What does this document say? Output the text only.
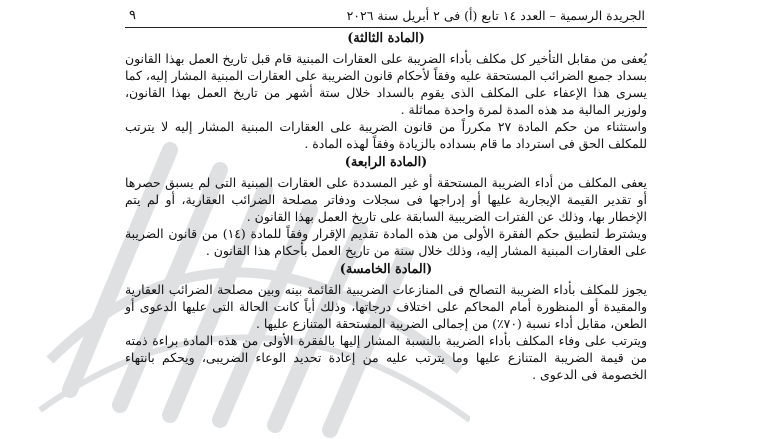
الجريدة الرسمية – العدد ١٤ تابع (أ) فى ٢ أبريل سنة ٢٠٢٦
٩
(المادة الثالثة)

يُعفى من مقابل التأخير كل مكلف بأداء الضريبة على العقارات المبنية قام قبل تاريخ العمل بهذا القانون بسداد جميع الضرائب المستحقة عليه وفقاً لأحكام قانون الضريبة على العقارات المبنية المشار إليه، كما يسرى هذا الإعفاء على المكلف الذى يقوم بالسداد خلال ستة أشهر من تاريخ العمل بهذا القانون، ولوزير المالية مد هذه المدة لمرة واحدة مماثلة .

واستثناء من حكم المادة ٢٧ مكرراً من قانون الضريبة على العقارات المبنية المشار إليه لا يترتب للمكلف الحق فى استرداد ما قام بسداده بالزيادة وفقاً لهذه المادة .

(المادة الرابعة)

يعفى المكلف من أداء الضريبة المستحقة أو غير المسددة على العقارات المبنية التى لم يسبق حصرها أو تقدير القيمة الإيجارية عليها أو إدراجها فى سجلات ودفاتر مصلحة الضرائب العقارية، أو لم يتم الإخطار بها، وذلك عن الفترات الضريبية السابقة على تاريخ العمل بهذا القانون .

ويشترط لتطبيق حكم الفقرة الأولى من هذه المادة تقديم الإقرار وفقاً للمادة (١٤) من قانون الضريبة على العقارات المبنية المشار إليه، وذلك خلال سنة من تاريخ العمل بأحكام هذا القانون .

(المادة الخامسة)

يجوز للمكلف بأداء الضريبة التصالح فى المنازعات الضريبية القائمة بينه وبين مصلحة الضرائب العقارية والمقيدة أو المنظورة أمام المحاكم على اختلاف درجاتها، وذلك أياً كانت الحالة التى عليها الدعوى أو الطعن، مقابل أداء نسبة (٧٠٪) من إجمالى الضريبة المستحقة المتنازع عليها .

ويترتب على وفاء المكلف بأداء الضريبة بالنسبة المشار إليها بالفقرة الأولى من هذه المادة براءة ذمته من قيمة الضريبة المتنازع عليها وما يترتب عليه من إعادة تحديد الوعاء الضريبى، ويحكم بانتهاء الخصومة فى الدعوى .
